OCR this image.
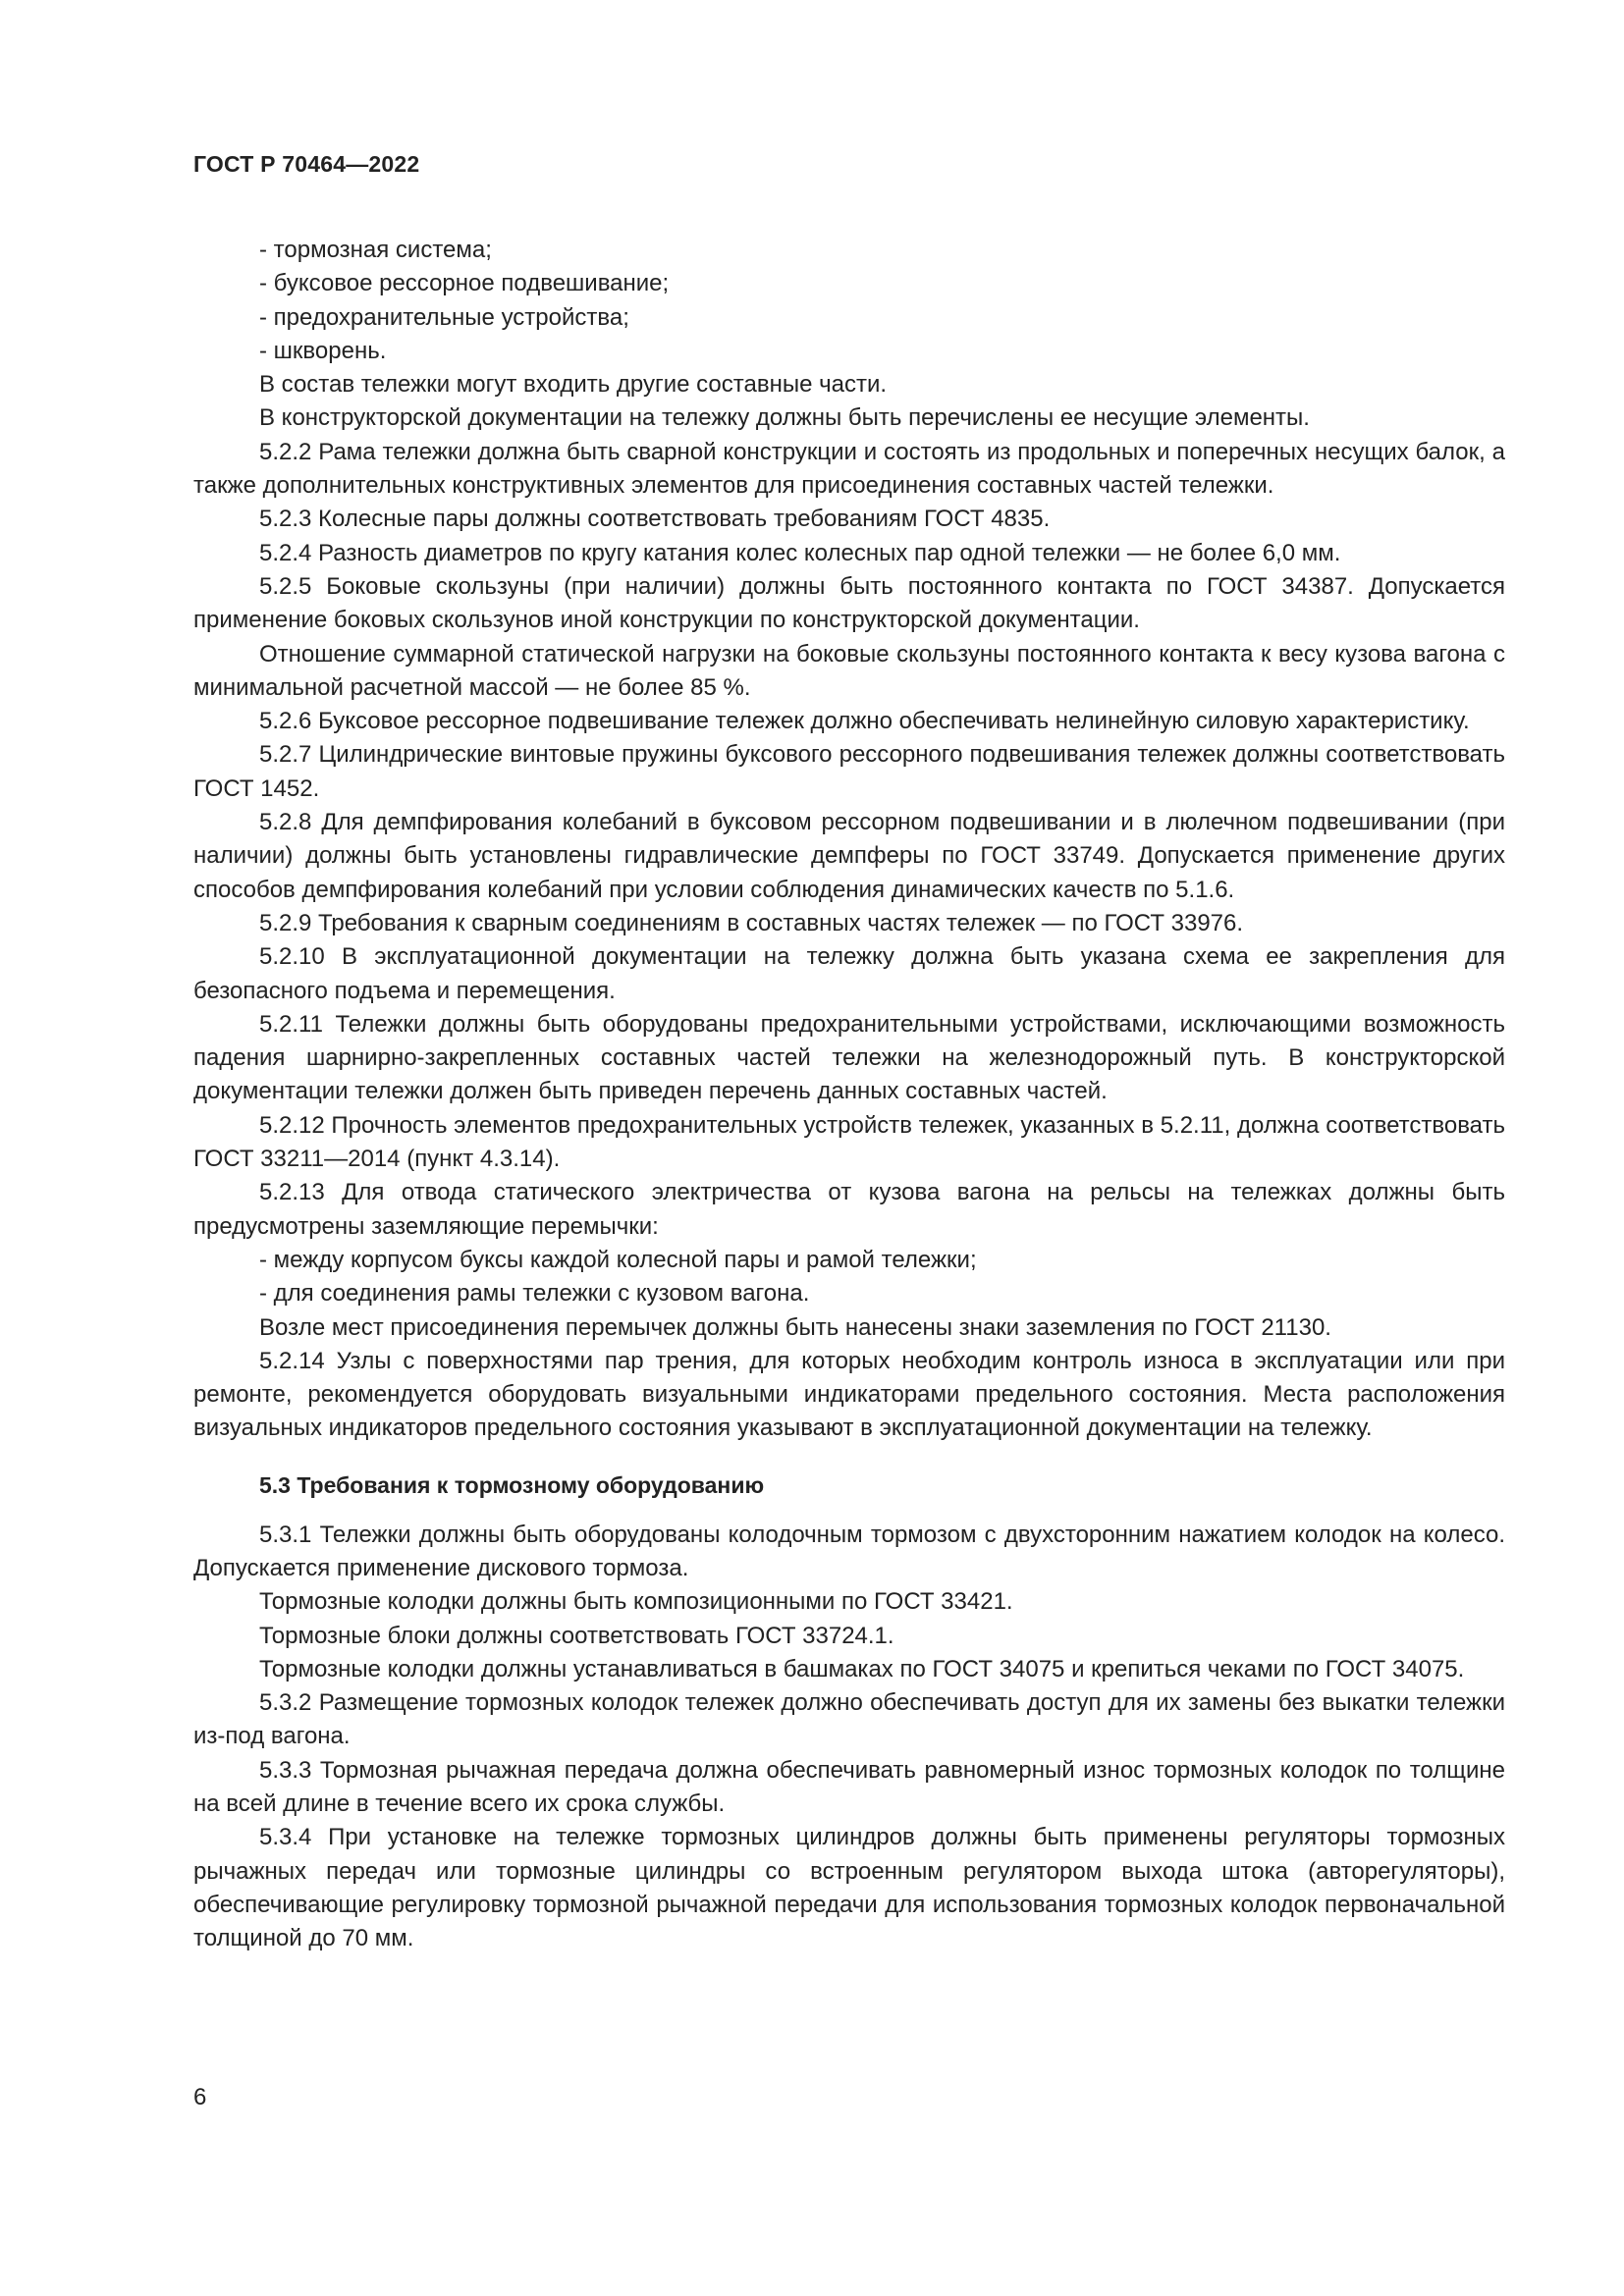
ГОСТ Р 70464—2022

- тормозная система;

- буксовое рессорное подвешивание;

- предохранительные устройства;

- шкворень.

В состав тележки могут входить другие составные части.

В конструкторской документации на тележку должны быть перечислены ее несущие элементы.

5.2.2 Рама тележки должна быть сварной конструкции и состоять из продольных и поперечных несущих балок, а также дополнительных конструктивных элементов для присоединения составных частей тележки.

5.2.3 Колесные пары должны соответствовать требованиям ГОСТ 4835.

5.2.4 Разность диаметров по кругу катания колес колесных пар одной тележки — не более 6,0 мм.

5.2.5 Боковые скользуны (при наличии) должны быть постоянного контакта по ГОСТ 34387. Допускается применение боковых скользунов иной конструкции по конструкторской документации.

Отношение суммарной статической нагрузки на боковые скользуны постоянного контакта к весу кузова вагона с минимальной расчетной массой — не более 85 %.

5.2.6 Буксовое рессорное подвешивание тележек должно обеспечивать нелинейную силовую характеристику.

5.2.7 Цилиндрические винтовые пружины буксового рессорного подвешивания тележек должны соответствовать ГОСТ 1452.

5.2.8 Для демпфирования колебаний в буксовом рессорном подвешивании и в люлечном подвешивании (при наличии) должны быть установлены гидравлические демпферы по ГОСТ 33749. Допускается применение других способов демпфирования колебаний при условии соблюдения динамических качеств по 5.1.6.

5.2.9 Требования к сварным соединениям в составных частях тележек — по ГОСТ 33976.

5.2.10 В эксплуатационной документации на тележку должна быть указана схема ее закрепления для безопасного подъема и перемещения.

5.2.11 Тележки должны быть оборудованы предохранительными устройствами, исключающими возможность падения шарнирно-закрепленных составных частей тележки на железнодорожный путь. В конструкторской документации тележки должен быть приведен перечень данных составных частей.

5.2.12 Прочность элементов предохранительных устройств тележек, указанных в 5.2.11, должна соответствовать ГОСТ 33211—2014 (пункт 4.3.14).

5.2.13 Для отвода статического электричества от кузова вагона на рельсы на тележках должны быть предусмотрены заземляющие перемычки:

- между корпусом буксы каждой колесной пары и рамой тележки;

- для соединения рамы тележки с кузовом вагона.

Возле мест присоединения перемычек должны быть нанесены знаки заземления по ГОСТ 21130.

5.2.14 Узлы с поверхностями пар трения, для которых необходим контроль износа в эксплуатации или при ремонте, рекомендуется оборудовать визуальными индикаторами предельного состояния. Места расположения визуальных индикаторов предельного состояния указывают в эксплуатационной документации на тележку.

5.3 Требования к тормозному оборудованию

5.3.1 Тележки должны быть оборудованы колодочным тормозом с двухсторонним нажатием колодок на колесо. Допускается применение дискового тормоза.

Тормозные колодки должны быть композиционными по ГОСТ 33421.

Тормозные блоки должны соответствовать ГОСТ 33724.1.

Тормозные колодки должны устанавливаться в башмаках по ГОСТ 34075 и крепиться чеками по ГОСТ 34075.

5.3.2 Размещение тормозных колодок тележек должно обеспечивать доступ для их замены без выкатки тележки из-под вагона.

5.3.3 Тормозная рычажная передача должна обеспечивать равномерный износ тормозных колодок по толщине на всей длине в течение всего их срока службы.

5.3.4 При установке на тележке тормозных цилиндров должны быть применены регуляторы тормозных рычажных передач или тормозные цилиндры со встроенным регулятором выхода штока (авторегуляторы), обеспечивающие регулировку тормозной рычажной передачи для использования тормозных колодок первоначальной толщиной до 70 мм.

6
